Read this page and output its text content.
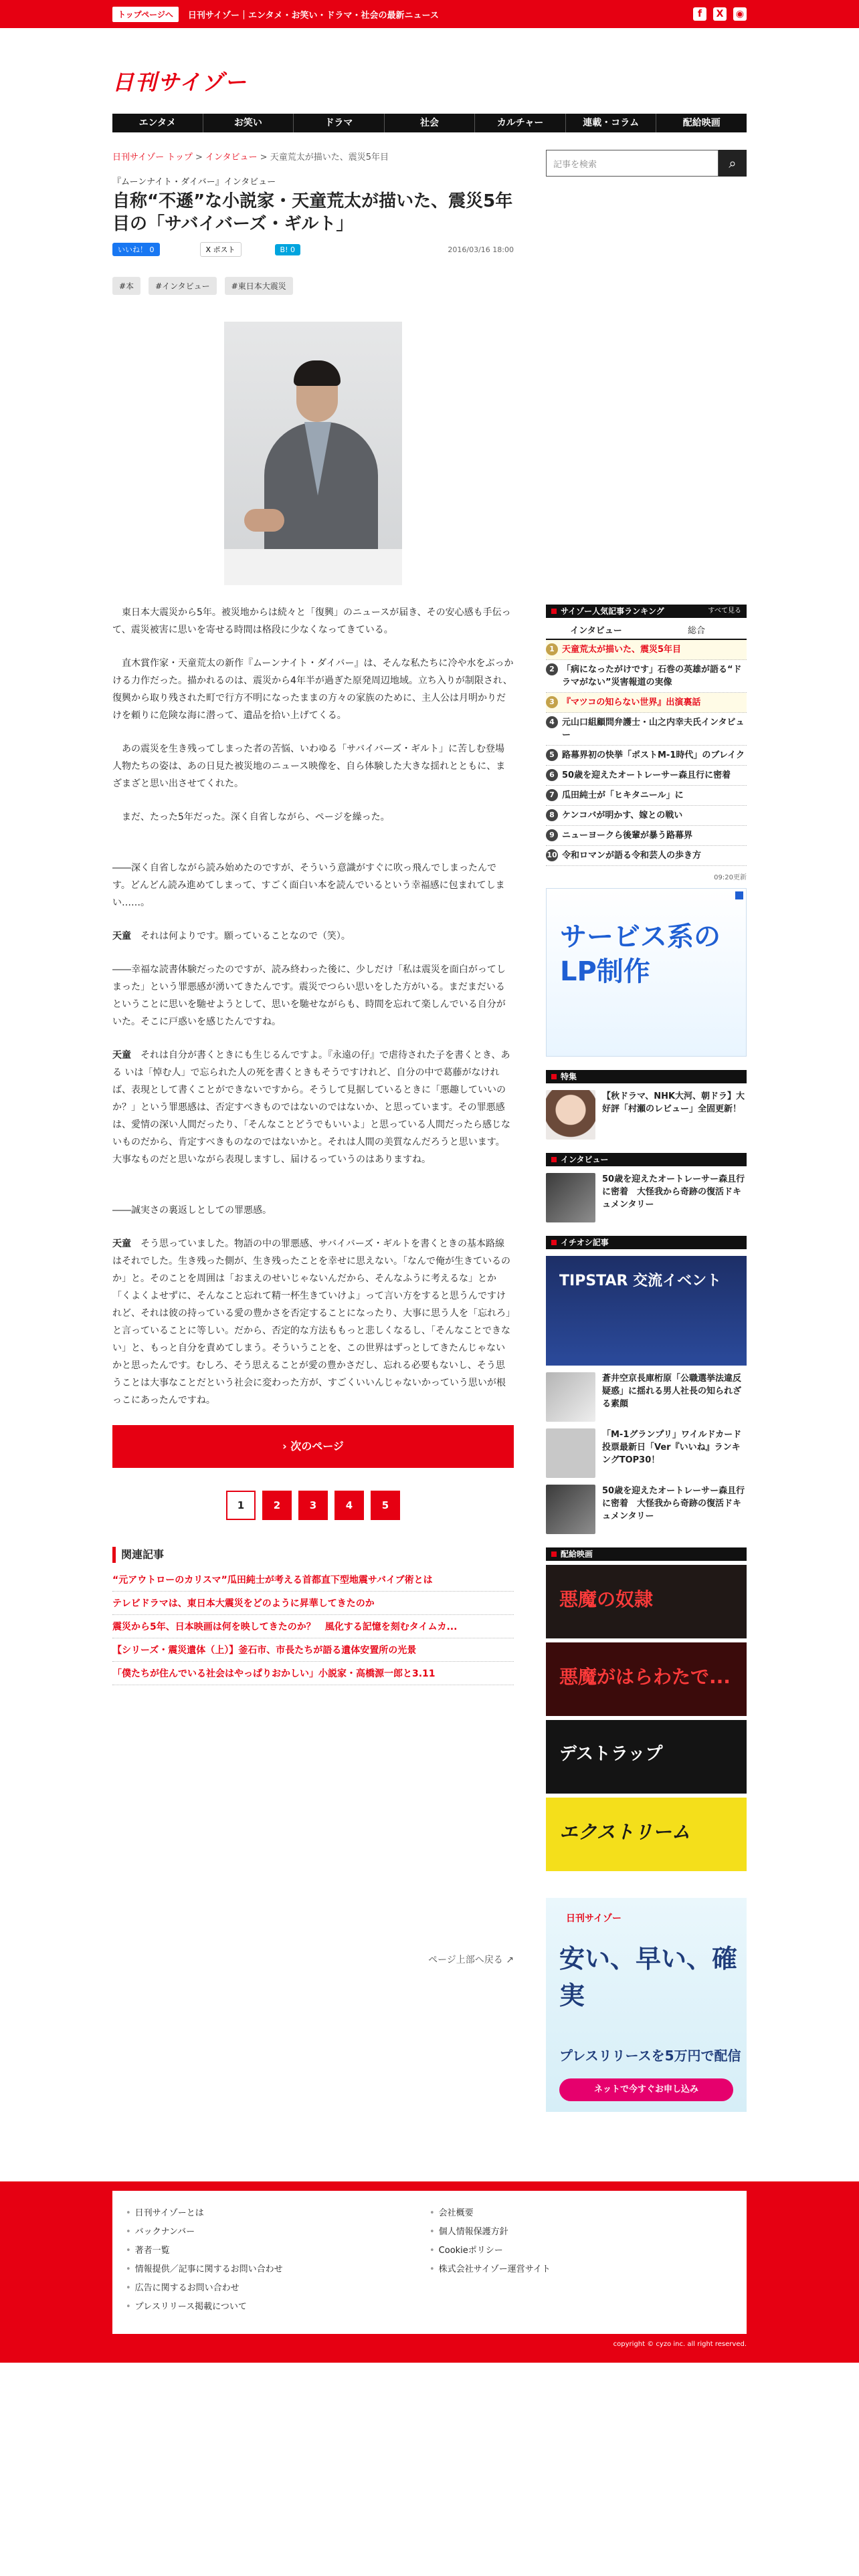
トップページへ	日刊サイゾー｜エンタメ・お笑い・ドラマ・社会の最新ニュース	f	X	◉
日刊サイゾー
エンタメ	お笑い	ドラマ	社会	カルチャー	連載・コラム	配給映画
日刊サイゾー トップ > インタビュー > 天童荒太が描いた、震災5年目
『ムーンナイト・ダイバー』インタビュー
自称“不遜”な小説家・天童荒太が描いた、震災5年目の「サバイバーズ・ギルト」
いいね！ 0	X ポスト	B! 0	2016/03/16 18:00
#本	#インタビュー	#東日本大震災

東日本大震災から5年。被災地からは続々と「復興」のニュースが届き、その安心感も手伝って、震災被害に思いを寄せる時間は格段に少なくなってきている。

直木賞作家・天童荒太の新作『ムーンナイト・ダイバー』は、そんな私たちに冷や水をぶっかける力作だった。描かれるのは、震災から4年半が過ぎた原発周辺地域。立ち入りが制限され、復興から取り残された町で行方不明になったままの方々の家族のために、主人公は月明かりだけを頼りに危険な海に潜って、遺品を拾い上げてくる。

あの震災を生き残ってしまった者の苦悩、いわゆる「サバイバーズ・ギルト」に苦しむ登場人物たちの姿は、あの日見た被災地のニュース映像を、自ら体験した大きな揺れとともに、まざまざと思い出させてくれた。

まだ、たった5年だった。深く自省しながら、ページを繰った。

――深く自省しながら読み始めたのですが、そういう意識がすぐに吹っ飛んでしまったんです。どんどん読み進めてしまって、すごく面白い本を読んでいるという幸福感に包まれてしまい……。

天童　 それは何よりです。願っていることなので（笑）。

――幸福な読書体験だったのですが、読み終わった後に、少しだけ「私は震災を面白がってしまった」という罪悪感が湧いてきたんです。震災でつらい思いをした方がいる。まだまだいるということに思いを馳せようとして、思いを馳せながらも、時間を忘れて楽しんでいる自分がいた。そこに戸惑いを感じたんですね。

天童　 それは自分が書くときにも生じるんですよ。『永遠の仔』で虐待された子を書くとき、ある いは「悼む人」で忘られた人の死を書くときもそうですけれど、自分の中で葛藤がなければ、表現として書くことができないですから。そうして見据しているときに「悪趣していいのか？」という罪悪感は、否定すべきものではないのではないか、と思っています。その罪悪感は、愛情の深い人間だったり、「そんなことどうでもいいよ」と思っている人間だったら感じないものだから、肯定すべきものなのではないかと。それは人間の美質なんだろうと思います。大事なものだと思いながら表現しますし、届けるっていうのはありますね。

――誠実さの裏返しとしての罪悪感。

天童　 そう思っていました。物語の中の罪悪感、サバイバーズ・ギルトを書くときの基本路線はそれでした。生き残った側が、生き残ったことを幸せに思えない。「なんで俺が生きているのか」と。そのことを周囲は「おまえのせいじゃないんだから、そんなふうに考えるな」とか「くよくよせずに、そんなこと忘れて精一杯生きていけよ」って言い方をすると思うんですけれど、それは彼の持っている愛の豊かさを否定することになったり、大事に思う人を「忘れろ」と言っていることに等しい。だから、否定的な方法ももっと悲しくなるし、「そんなことできない」と、もっと自分を責めてしまう。そういうことを、この世界はずっとしてきたんじゃないかと思ったんです。むしろ、そう思えることが愛の豊かさだし、忘れる必要もないし、そう思うことは大事なことだという社会に変わった方が、すごくいいんじゃないかっていう思いが根っこにあったんですね。

› 次のページ
1	2	3	4	5
関連記事
“元アウトローのカリスマ”瓜田純士が考える首都直下型地震サバイブ術とは
テレビドラマは、東日本大震災をどのように昇華してきたのか
震災から5年、日本映画は何を映してきたのか？　風化する記憶を刻むタイムカ...
【シリーズ・震災遺体（上）】釜石市、市長たちが語る遺体安置所の光景
「僕たちが住んでいる社会はやっぱりおかしい」小説家・高橋源一郎と3.11
ページ上部へ戻る ↗
記事を検索	⌕
サイゾー人気記事ランキング	すべて見る
インタビュー	総合
1 天童荒太が描いた、震災5年目
2 「病になったがけです」石巻の英雄が語る“ドラマがない”災害報道の実像
3 『マツコの知らない世界』出演裏話
4 元山口組顧問弁護士・山之内幸夫氏インタビュー
5 路幕界初の快挙「ポストM-1時代」のブレイク
6 50歳を迎えたオートレーサー森且行に密着
7 瓜田純士が「ヒキタニール」に
8 ケンコバが明かす、嫁との戦い
9 ニューヨークら後輩が暴う路幕界
10 令和ロマンが語る令和芸人の歩き方
09:20更新
サービス系の
LP制作
特集
【秋ドラマ、NHK大河、朝ドラ】大好評「村瀬のレビュー」全固更新！
インタビュー
50歳を迎えたオートレーサー森且行に密着　大怪我から奇跡の復活ドキュメンタリー
イチオシ記事
TIPSTAR 交流イベント
蒼井空京長庫桁原「公職選挙法違反疑惑」に揺れる男人社長の知られざる素顔
「M-1グランプリ」ワイルドカード投票最新日「Ver『いいね』ランキングTOP30！
50歳を迎えたオートレーサー森且行に密着　大怪我から奇跡の復活ドキュメンタリー
配給映画
悪魔の奴隷
悪魔がはらわたで...
デストラップ
エクストリーム
日刊サイゾー
安い、早い、確実
プレスリリースを5万円で配信
ネットで今すぐお申し込み
• 日刊サイゾーとは
• バックナンバー
• 著者一覧
• 情報提供／記事に関するお問い合わせ
• 広告に関するお問い合わせ
• プレスリリース掲載について
• 会社概要
• 個人情報保護方針
• Cookieポリシー
• 株式会社サイゾー運営サイト
copyright © cyzo inc. all right reserved.
